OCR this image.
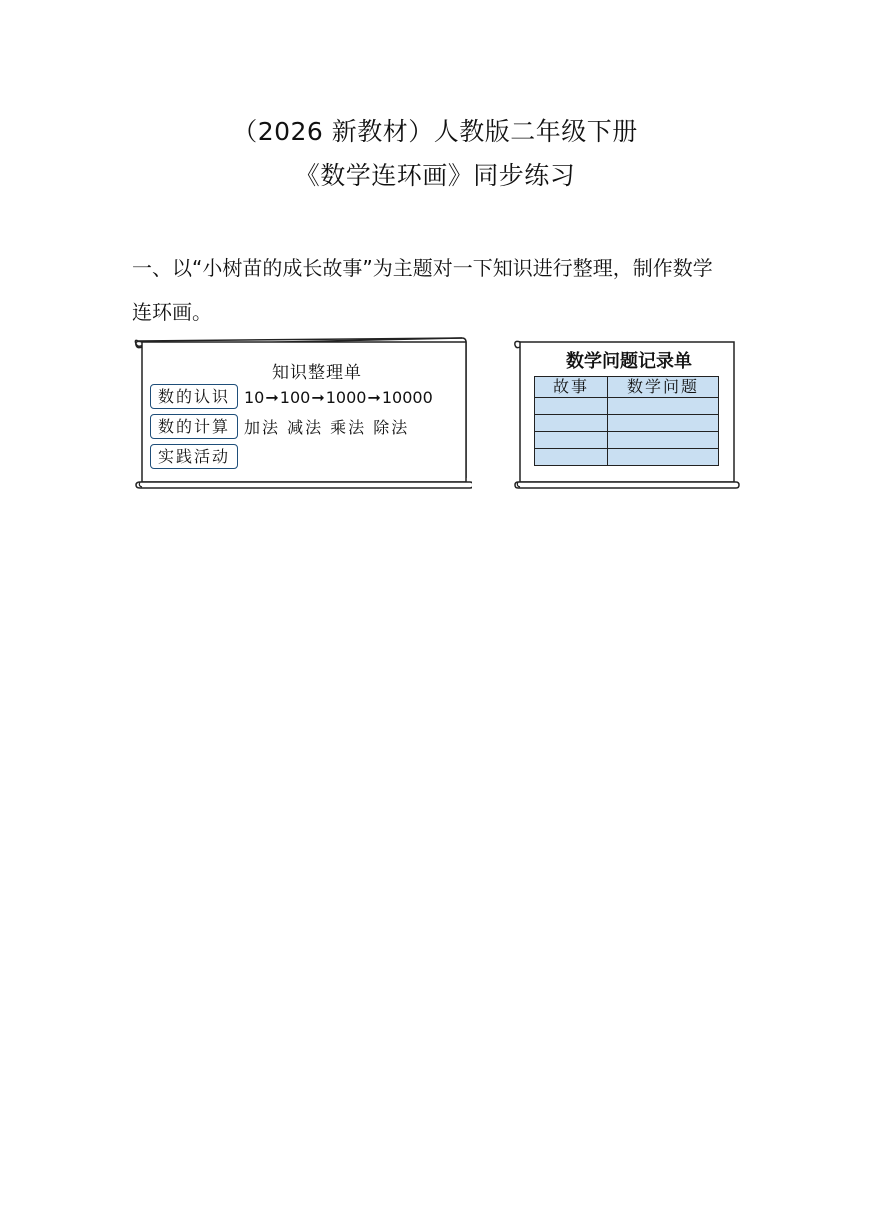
（2026 新教材）人教版二年级下册
《数学连环画》同步练习
一、以“小树苗的成长故事”为主题对一下知识进行整理，制作数学
连环画。
知识整理单
数的认识 10➞100➞1000➞10000
数的计算 加法 减法 乘法 除法
实践活动
数学问题记录单
故事	数学问题
